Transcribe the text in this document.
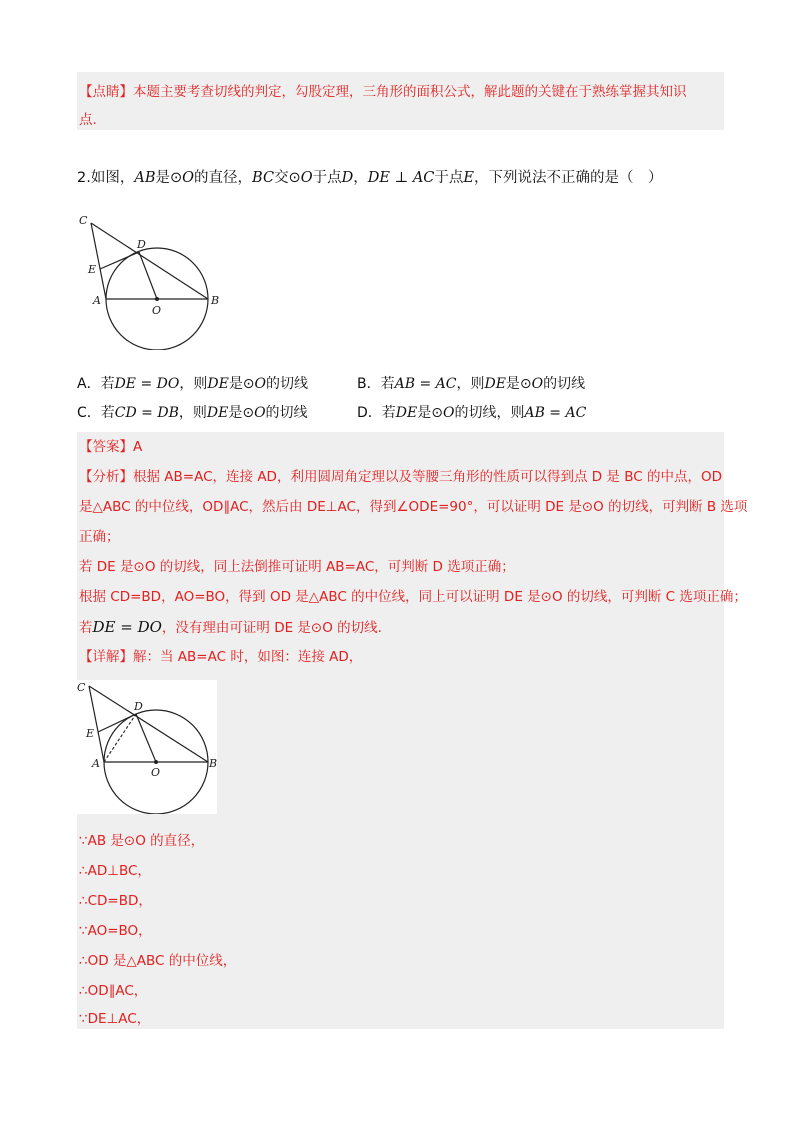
【点睛】本题主要考查切线的判定，勾股定理，三角形的面积公式，解此题的关键在于熟练掌握其知识
点.
2.如图，AB是⊙O的直径，BC交⊙O于点D，DE ⊥ AC于点E，下列说法不正确的是（　）
C
D
E
A
O
B
A．若DE = DO，则DE是⊙O的切线	B．若AB = AC，则DE是⊙O的切线
C．若CD = DB，则DE是⊙O的切线	D．若DE是⊙O的切线，则AB = AC
【答案】A
【分析】根据 AB=AC，连接 AD，利用圆周角定理以及等腰三角形的性质可以得到点 D 是 BC 的中点，OD
是△ABC 的中位线，OD∥AC，然后由 DE⊥AC，得到∠ODE=90°，可以证明 DE 是⊙O 的切线，可判断 B 选项
正确；
若 DE 是⊙O 的切线，同上法倒推可证明 AB=AC，可判断 D 选项正确；
根据 CD=BD，AO=BO，得到 OD 是△ABC 的中位线，同上可以证明 DE 是⊙O 的切线，可判断 C 选项正确；
若DE = DO，没有理由可证明 DE 是⊙O 的切线.
【详解】解：当 AB=AC 时，如图：连接 AD，
C
D
E
A
O
B
∵AB 是⊙O 的直径，
∴AD⊥BC，
∴CD=BD，
∵AO=BO，
∴OD 是△ABC 的中位线，
∴OD∥AC，
∵DE⊥AC，
